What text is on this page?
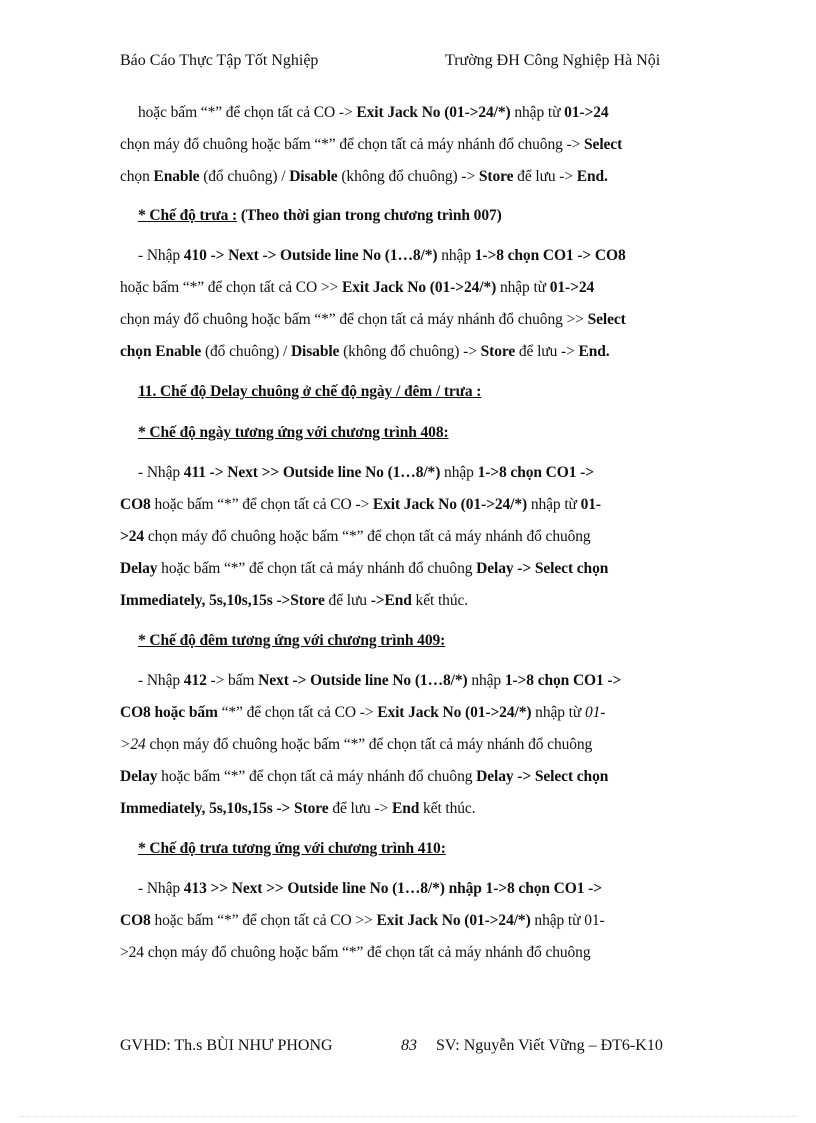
Báo Cáo Thực Tập Tốt Nghiệp	Trường ĐH Công Nghiệp Hà Nội
hoặc bấm “*” để chọn tất cả CO -> Exit Jack No (01->24/*) nhập từ 01->24
chọn máy đổ chuông hoặc bấm “*” để chọn tất cả máy nhánh đổ chuông -> Select
chọn Enable (đổ chuông) / Disable (không đổ chuông) -> Store để lưu -> End.
* Chế độ trưa : (Theo thời gian trong chương trình 007)
- Nhập 410 -> Next -> Outside line No (1…8/*) nhập 1->8 chọn CO1 -> CO8
hoặc bấm “*” để chọn tất cả CO >> Exit Jack No (01->24/*) nhập từ 01->24
chọn máy đổ chuông hoặc bấm “*” để chọn tất cả máy nhánh đổ chuông >> Select
chọn Enable (đổ chuông) / Disable (không đổ chuông) -> Store để lưu -> End.
11. Chế độ Delay chuông ở chế độ ngày / đêm / trưa :
* Chế độ ngày tương ứng với chương trình 408:
- Nhập 411 -> Next >> Outside line No (1…8/*) nhập 1->8 chọn CO1 ->
CO8 hoặc bấm “*” để chọn tất cả CO -> Exit Jack No (01->24/*) nhập từ 01-
>24 chọn máy đổ chuông hoặc bấm “*” để chọn tất cả máy nhánh đổ chuông
Delay hoặc bấm “*” để chọn tất cả máy nhánh đổ chuông Delay -> Select chọn
Immediately, 5s,10s,15s ->Store để lưu ->End kết thúc.
* Chế độ đêm tương ứng với chương trình 409:
- Nhập 412 -> bấm Next -> Outside line No (1…8/*) nhập 1->8 chọn CO1 ->
CO8 hoặc bấm “*” để chọn tất cả CO -> Exit Jack No (01->24/*) nhập từ 01-
>24 chọn máy đổ chuông hoặc bấm “*” để chọn tất cả máy nhánh đổ chuông
Delay hoặc bấm “*” để chọn tất cả máy nhánh đổ chuông Delay -> Select chọn
Immediately, 5s,10s,15s -> Store để lưu -> End kết thúc.
* Chế độ trưa tương ứng với chương trình 410:
- Nhập 413 >> Next >> Outside line No (1…8/*) nhập 1->8 chọn CO1 ->
CO8 hoặc bấm “*” để chọn tất cả CO >> Exit Jack No (01->24/*) nhập từ 01-
>24 chọn máy đổ chuông hoặc bấm “*” để chọn tất cả máy nhánh đổ chuông
GVHD: Th.s BÙI NHƯ PHONG	83 SV: Nguyễn Viết Vững – ĐT6-K10
